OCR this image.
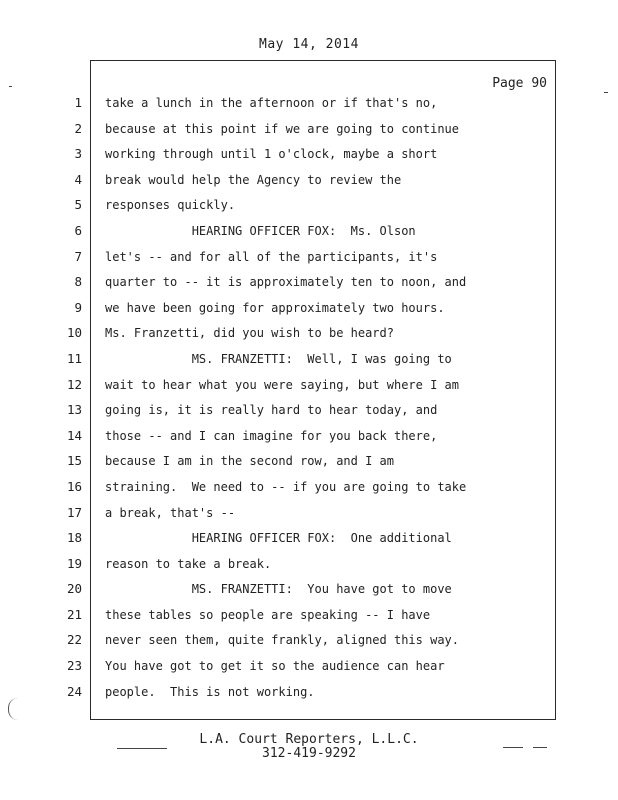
May 14, 2014
Page 90
1
2
3
4
5
6
7
8
9
10
11
12
13
14
15
16
17
18
19
20
21
22
23
24
take a lunch in the afternoon or if that's no,
because at this point if we are going to continue
working through until 1 o'clock, maybe a short
break would help the Agency to review the
responses quickly.
HEARING OFFICER FOX:  Ms. Olson
let's -- and for all of the participants, it's
quarter to -- it is approximately ten to noon, and
we have been going for approximately two hours.
Ms. Franzetti, did you wish to be heard?
MS. FRANZETTI:  Well, I was going to
wait to hear what you were saying, but where I am
going is, it is really hard to hear today, and
those -- and I can imagine for you back there,
because I am in the second row, and I am
straining.  We need to -- if you are going to take
a break, that's --
HEARING OFFICER FOX:  One additional
reason to take a break.
MS. FRANZETTI:  You have got to move
these tables so people are speaking -- I have
never seen them, quite frankly, aligned this way.
You have got to get it so the audience can hear
people.  This is not working.
L.A. Court Reporters, L.L.C.
312-419-9292
